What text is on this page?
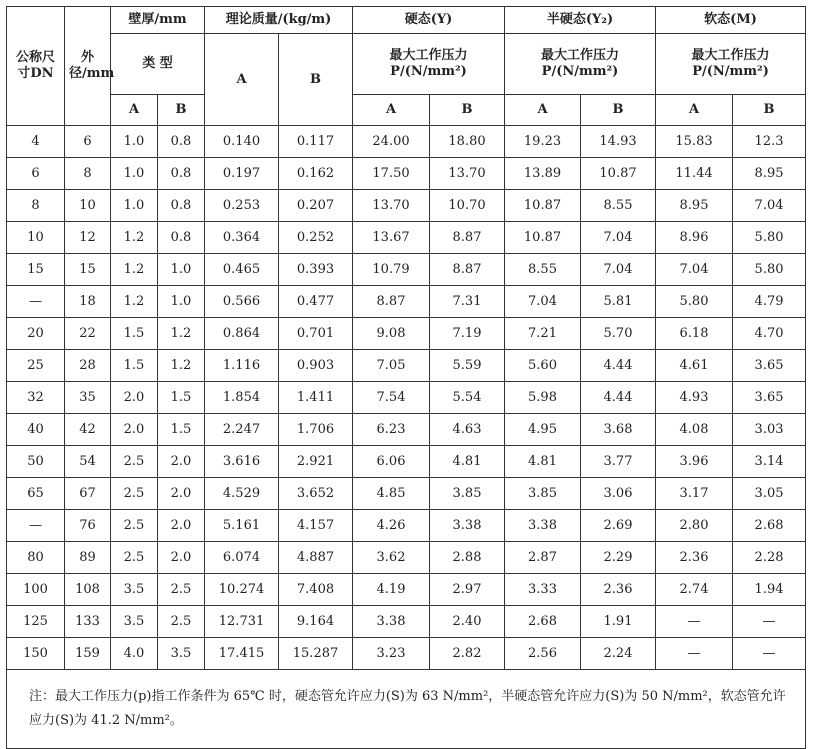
公称尺寸DN	外径/mm	壁厚/mm		理论质量/(kg/m)		硬态(Y)		半硬态(Y₂)		软态(M)	
		类 型		A	B	最大工作压力 P/(N/mm²)		最大工作压力 P/(N/mm²)		最大工作压力 P/(N/mm²)	
		A	B			A	B	A	B	A	B
4	6	1.0	0.8	0.140	0.117	24.00	18.80	19.23	14.93	15.83	12.3
6	8	1.0	0.8	0.197	0.162	17.50	13.70	13.89	10.87	11.44	8.95
8	10	1.0	0.8	0.253	0.207	13.70	10.70	10.87	8.55	8.95	7.04
10	12	1.2	0.8	0.364	0.252	13.67	8.87	10.87	7.04	8.96	5.80
15	15	1.2	1.0	0.465	0.393	10.79	8.87	8.55	7.04	7.04	5.80
—	18	1.2	1.0	0.566	0.477	8.87	7.31	7.04	5.81	5.80	4.79
20	22	1.5	1.2	0.864	0.701	9.08	7.19	7.21	5.70	6.18	4.70
25	28	1.5	1.2	1.116	0.903	7.05	5.59	5.60	4.44	4.61	3.65
32	35	2.0	1.5	1.854	1.411	7.54	5.54	5.98	4.44	4.93	3.65
40	42	2.0	1.5	2.247	1.706	6.23	4.63	4.95	3.68	4.08	3.03
50	54	2.5	2.0	3.616	2.921	6.06	4.81	4.81	3.77	3.96	3.14
65	67	2.5	2.0	4.529	3.652	4.85	3.85	3.85	3.06	3.17	3.05
—	76	2.5	2.0	5.161	4.157	4.26	3.38	3.38	2.69	2.80	2.68
80	89	2.5	2.0	6.074	4.887	3.62	2.88	2.87	2.29	2.36	2.28
100	108	3.5	2.5	10.274	7.408	4.19	2.97	3.33	2.36	2.74	1.94
125	133	3.5	2.5	12.731	9.164	3.38	2.40	2.68	1.91	—	—
150	159	4.0	3.5	17.415	15.287	3.23	2.82	2.56	2.24	—	—
注：最大工作压力(p)指工作条件为 65℃ 时，硬态管允许应力(S)为 63 N/mm²，半硬态管允许应力(S)为 50 N/mm²，软态管允许应力(S)为 41.2 N/mm²。											
